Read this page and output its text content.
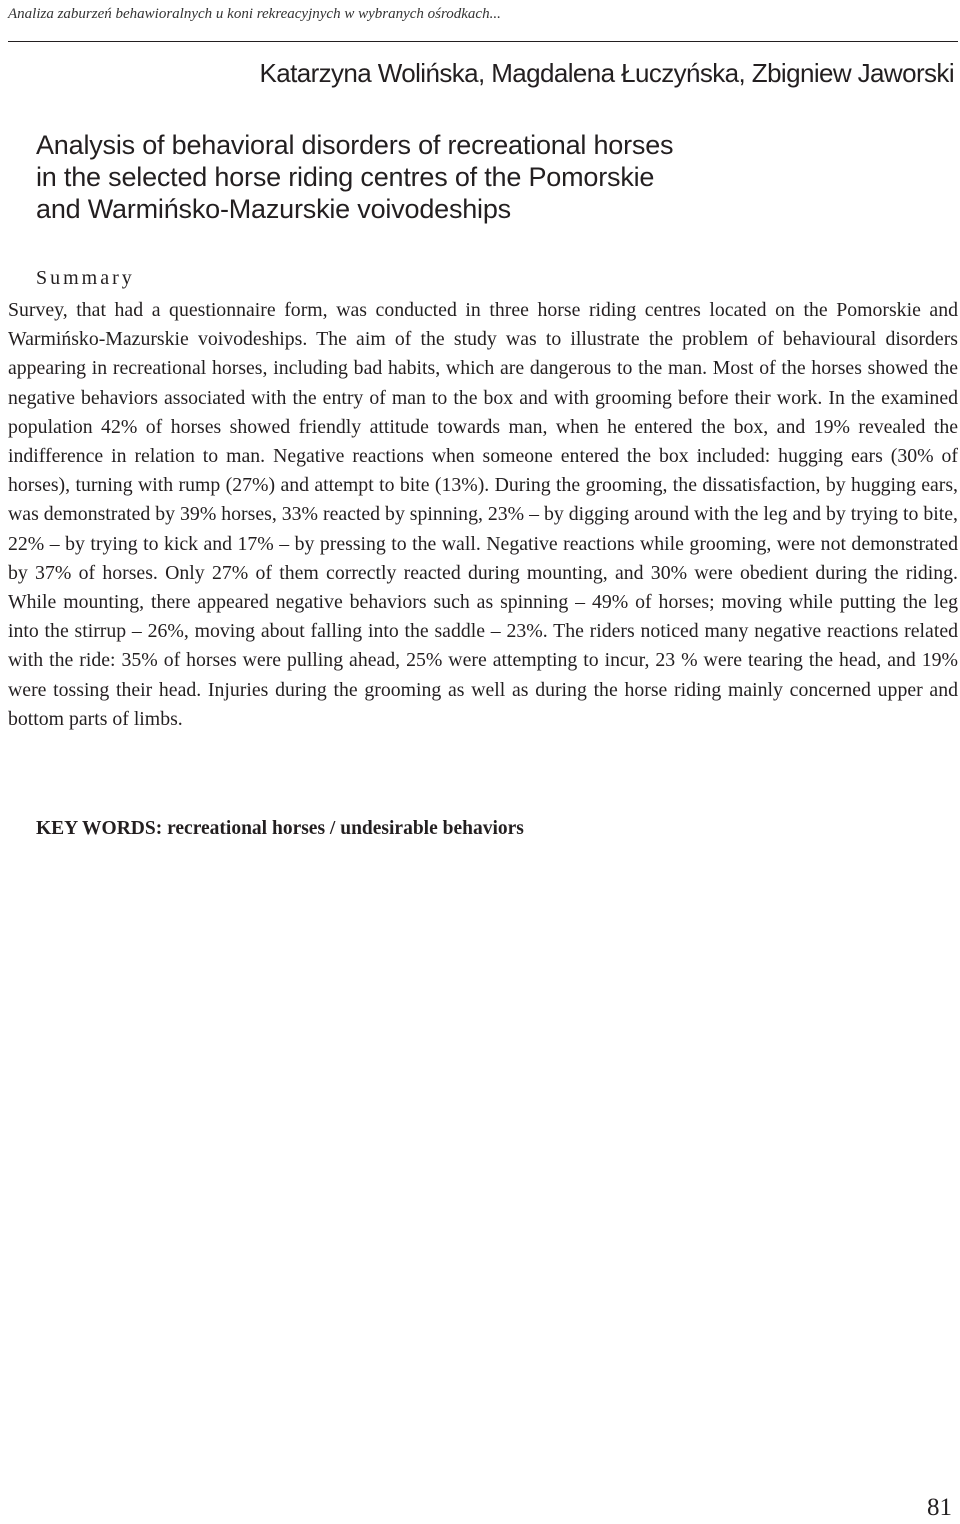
Analiza zaburzeń behawioralnych u koni rekreacyjnych w wybranych ośrodkach...
Katarzyna Wolińska, Magdalena Łuczyńska, Zbigniew Jaworski
Analysis of behavioral disorders of recreational horses
in the selected horse riding centres of the Pomorskie
and Warmińsko-Mazurskie voivodeships
Summary

Survey, that had a questionnaire form, was conducted in three horse riding centres located on the Pomorskie and Warmińsko-Mazurskie voivodeships. The aim of the study was to illustrate the problem of behavioural disorders appearing in recreational horses, including bad habits, which are dangerous to the man. Most of the horses showed the negative behaviors associated with the entry of man to the box and with grooming before their work. In the examined population 42% of horses showed friendly attitude towards man, when he entered the box, and 19% revealed the indifference in relation to man. Negative reactions when someone entered the box included: hugging ears (30% of horses), turning with rump (27%) and attempt to bite (13%). During the grooming, the dissatisfaction, by hugging ears, was demonstrated by 39% horses, 33% reacted by spinning, 23% – by digging around with the leg and by trying to bite, 22% – by trying to kick and 17% – by pressing to the wall. Negative reactions while grooming, were not demonstrated by 37% of horses. Only 27% of them correctly reacted during mounting, and 30% were obedient during the riding. While mounting, there appeared negative behaviors such as spinning – 49% of horses; moving while putting the leg into the stirrup – 26%, moving about falling into the saddle – 23%. The riders noticed many negative reactions related with the ride: 35% of horses were pulling ahead, 25% were attempting to incur, 23 % were tearing the head, and 19% were tossing their head. Injuries during the grooming as well as during the horse riding mainly concerned upper and bottom parts of limbs.

KEY WORDS: recreational horses / undesirable behaviors
81
